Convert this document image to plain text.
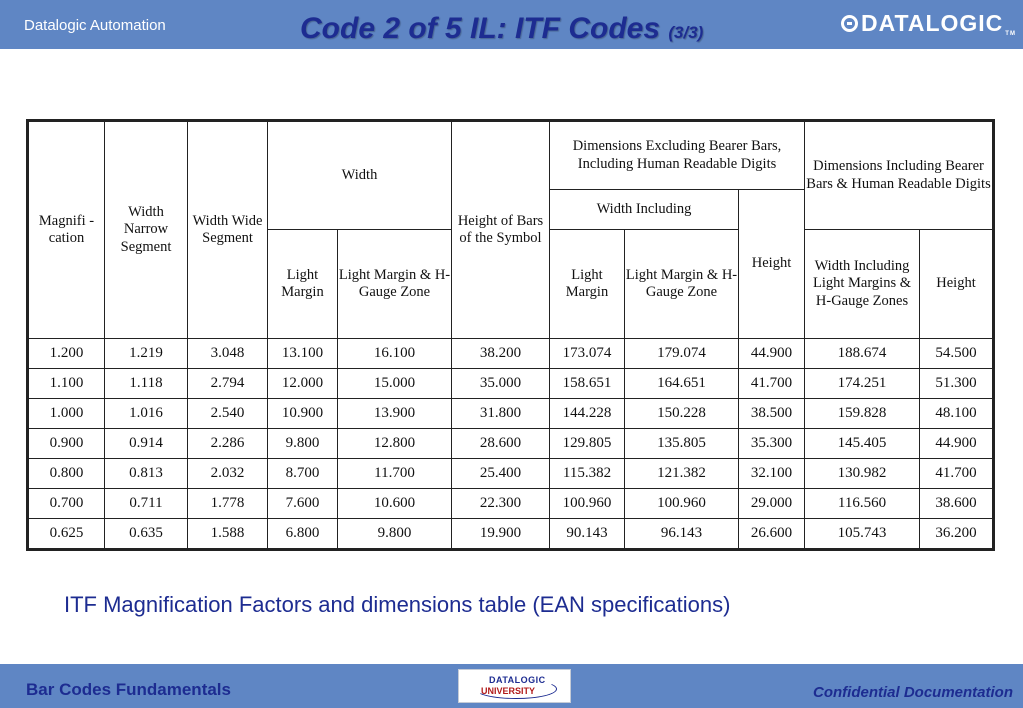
Datalogic Automation	Code 2 of 5 IL: ITF Codes (3/3)	DATALOGIC TM
Magnifi -cation	Width Narrow Segment	Width Wide Segment	Width		Height of Bars of the Symbol	Dimensions Excluding Bearer Bars, Including Human Readable Digits			Dimensions Including Bearer Bars & Human Readable Digits	
						Width Including		Height		
			Light Margin	Light Margin & H-Gauge Zone		Light Margin	Light Margin & H-Gauge Zone		Width Including Light Margins & H-Gauge Zones	Height

1.200	1.219	3.048	13.100	16.100	38.200	173.074	179.074	44.900	188.674	54.500
1.100	1.118	2.794	12.000	15.000	35.000	158.651	164.651	41.700	174.251	51.300
1.000	1.016	2.540	10.900	13.900	31.800	144.228	150.228	38.500	159.828	48.100
0.900	0.914	2.286	9.800	12.800	28.600	129.805	135.805	35.300	145.405	44.900
0.800	0.813	2.032	8.700	11.700	25.400	115.382	121.382	32.100	130.982	41.700
0.700	0.711	1.778	7.600	10.600	22.300	100.960	100.960	29.000	116.560	38.600
0.625	0.635	1.588	6.800	9.800	19.900	90.143	96.143	26.600	105.743	36.200
ITF Magnification Factors and dimensions table (EAN specifications)
Bar Codes Fundamentals	DATALOGIC
UNIVERSITY	Confidential Documentation
